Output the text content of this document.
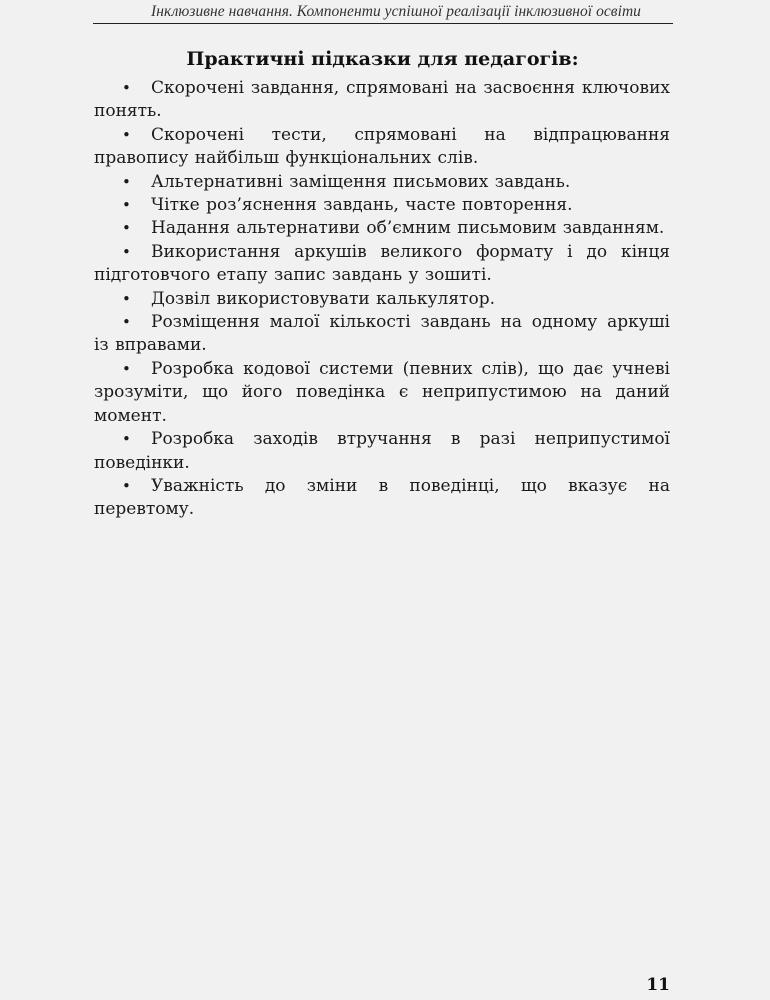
Інклюзивне навчання. Компоненти успішної реалізації інклюзивної освіти
Практичні підказки для педагогів:
• Скорочені завдання, спрямовані на засвоєння ключових понять.
• Скорочені тести, спрямовані на відпрацювання правопису найбільш функціональних слів.
• Альтернативні заміщення письмових завдань.
• Чітке роз’яснення завдань, часте повторення.
• Надання альтернативи об’ємним письмовим завданням.
• Використання аркушів великого формату і до кінця підготовчого етапу запис завдань у зошиті.
• Дозвіл використовувати калькулятор.
• Розміщення малої кількості завдань на одному аркуші із вправами.
• Розробка кодової системи (певних слів), що дає учневі зрозуміти, що його поведінка є неприпустимою на даний момент.
• Розробка заходів втручання в разі неприпустимої поведінки.
• Уважність до зміни в поведінці, що вказує на перевтому.
11
